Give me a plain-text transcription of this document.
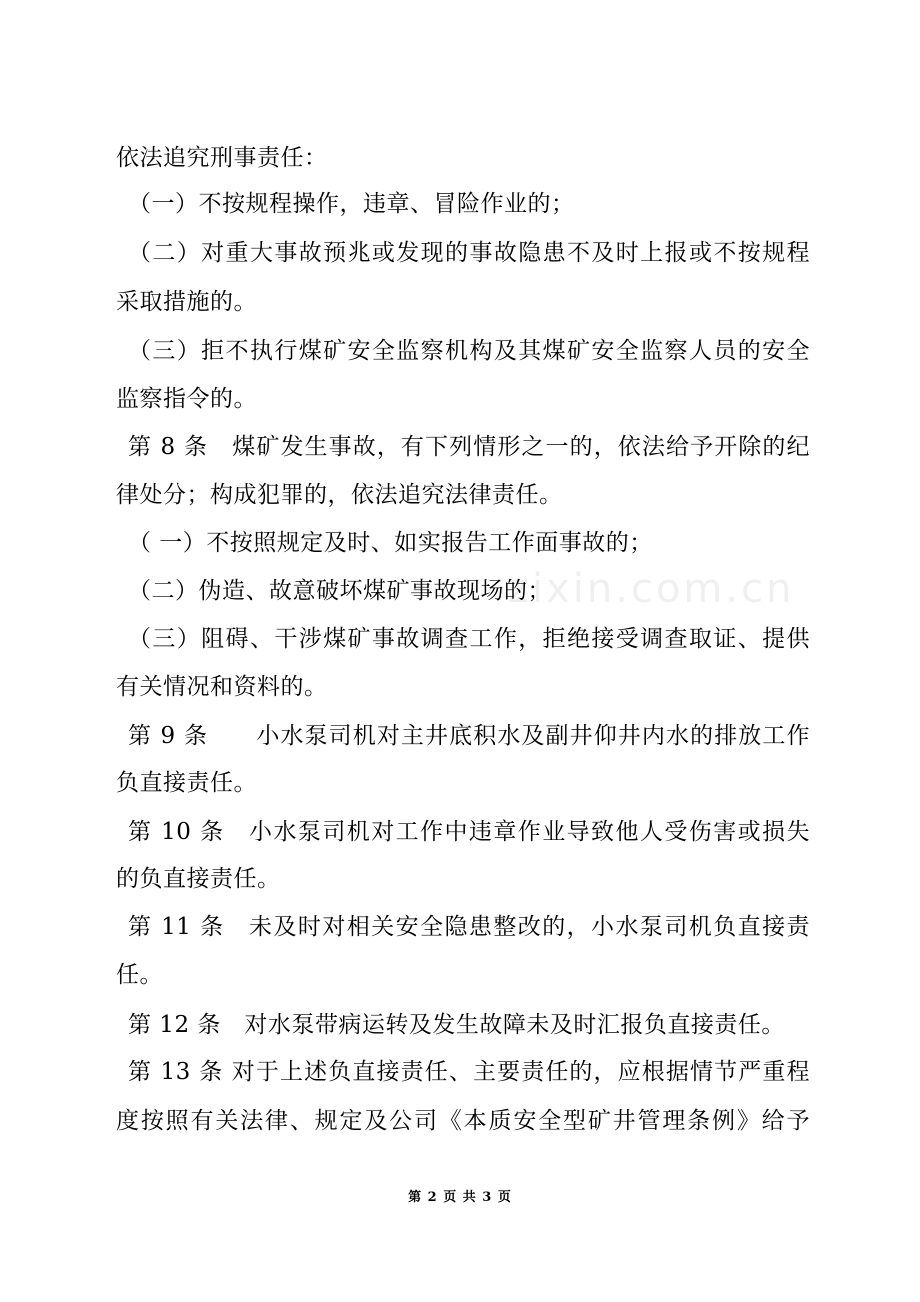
依法追究刑事责任：
（一）不按规程操作，违章、冒险作业的；
（二）对重大事故预兆或发现的事故隐患不及时上报或不按规程
采取措施的。
（三）拒不执行煤矿安全监察机构及其煤矿安全监察人员的安全
监察指令的。
第 8 条　煤矿发生事故，有下列情形之一的，依法给予开除的纪
律处分；构成犯罪的，依法追究法律责任。
（ 一）不按照规定及时、如实报告工作面事故的；
（二）伪造、故意破坏煤矿事故现场的；
（三）阻碍、干涉煤矿事故调查工作，拒绝接受调查取证、提供
有关情况和资料的。
第 9 条　　小水泵司机对主井底积水及副井仰井内水的排放工作
负直接责任。
第 10 条　小水泵司机对工作中违章作业导致他人受伤害或损失
的负直接责任。
第 11 条　未及时对相关安全隐患整改的，小水泵司机负直接责
任。
第 12 条　对水泵带病运转及发生故障未及时汇报负直接责任。
第 13 条 对于上述负直接责任、主要责任的，应根据情节严重程
度按照有关法律、规定及公司《本质安全型矿井管理条例》给予
zixin.com.cn
第 2 页 共 3 页
